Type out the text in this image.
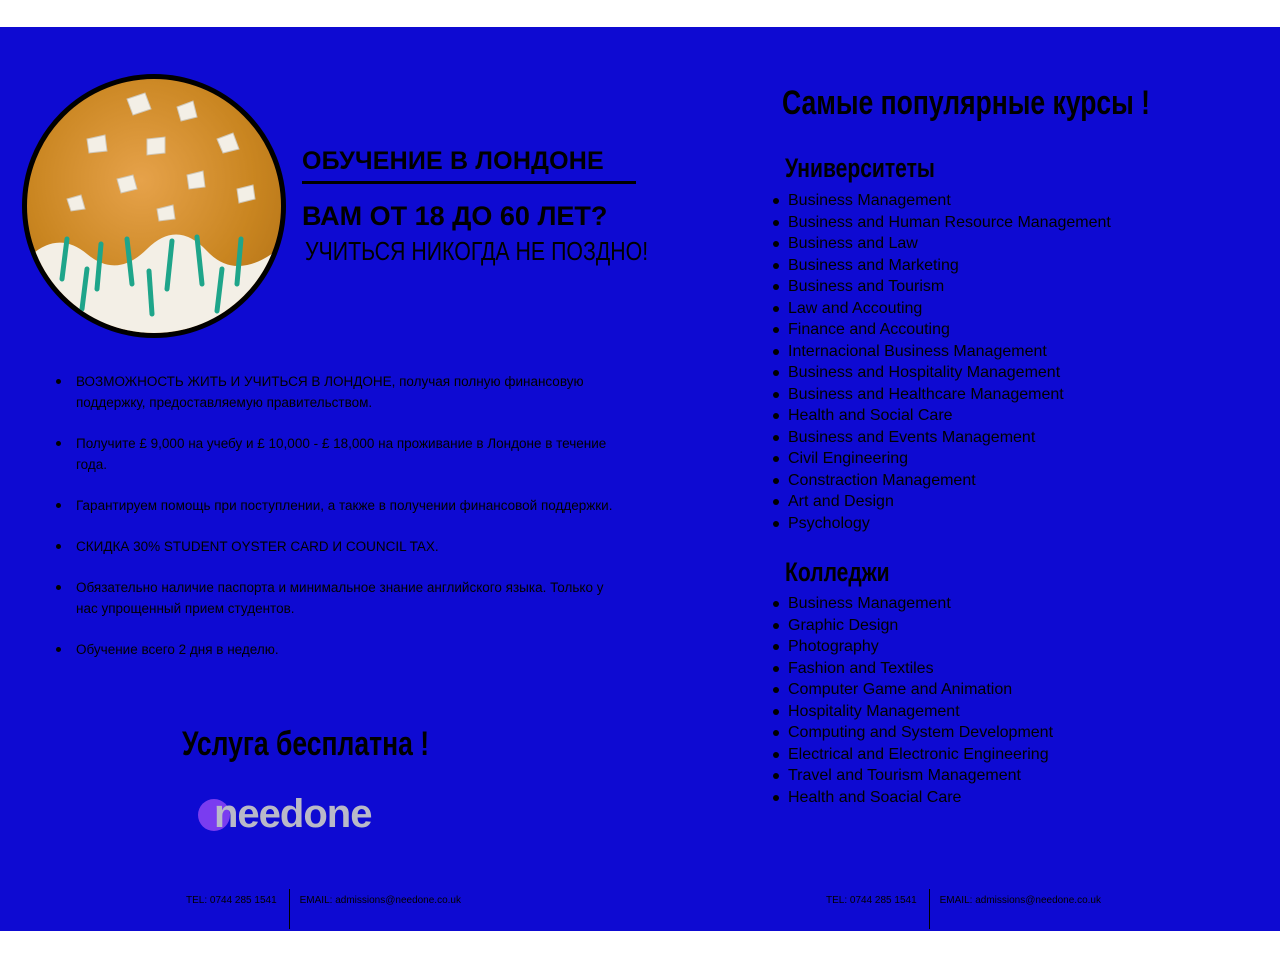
ОБУЧЕНИЕ В ЛОНДОНЕ
ВАМ ОТ 18 ДО 60 ЛЕТ?
УЧИТЬСЯ НИКОГДА НЕ ПОЗДНО!
ВОЗМОЖНОСТЬ ЖИТЬ И УЧИТЬСЯ В ЛОНДОНЕ, получая полную финансовую поддержку, предоставляемую правительством.
Получите £ 9,000 на учебу и £ 10,000 - £ 18,000 на проживание в Лондоне в течение года.
Гарантируем помощь при поступлении, а также в получении финансовой поддержки.
СКИДКА 30% STUDENT OYSTER CARD И COUNCIL TAX.
Обязательно наличие паспорта и минимальное знание английского языка. Только у нас упрощенный прием студентов.
Обучение всего 2 дня в неделю.
Услуга бесплатна !
needone
TEL: 0744 285 1541	EMAIL: admissions@needone.co.uk
Самые популярные курсы !
Университеты
Business Management
Business and Human Resource Management
Business and Law
Business and Marketing
Business and Tourism
Law and Accouting
Finance and Accouting
Internacional Business Management
Business and Hospitality Management
Business and Healthcare Management
Health and Social Care
Business and Events Management
Civil Engineering
Constraction Management
Art and Design
Psychology
Колледжи
Business Management
Graphic Design
Photography
Fashion and Textiles
Computer Game and Animation
Hospitality Management
Computing and System Development
Electrical and Electronic Engineering
Travel and Tourism Management
Health and Soacial Care
TEL: 0744 285 1541	EMAIL: admissions@needone.co.uk
